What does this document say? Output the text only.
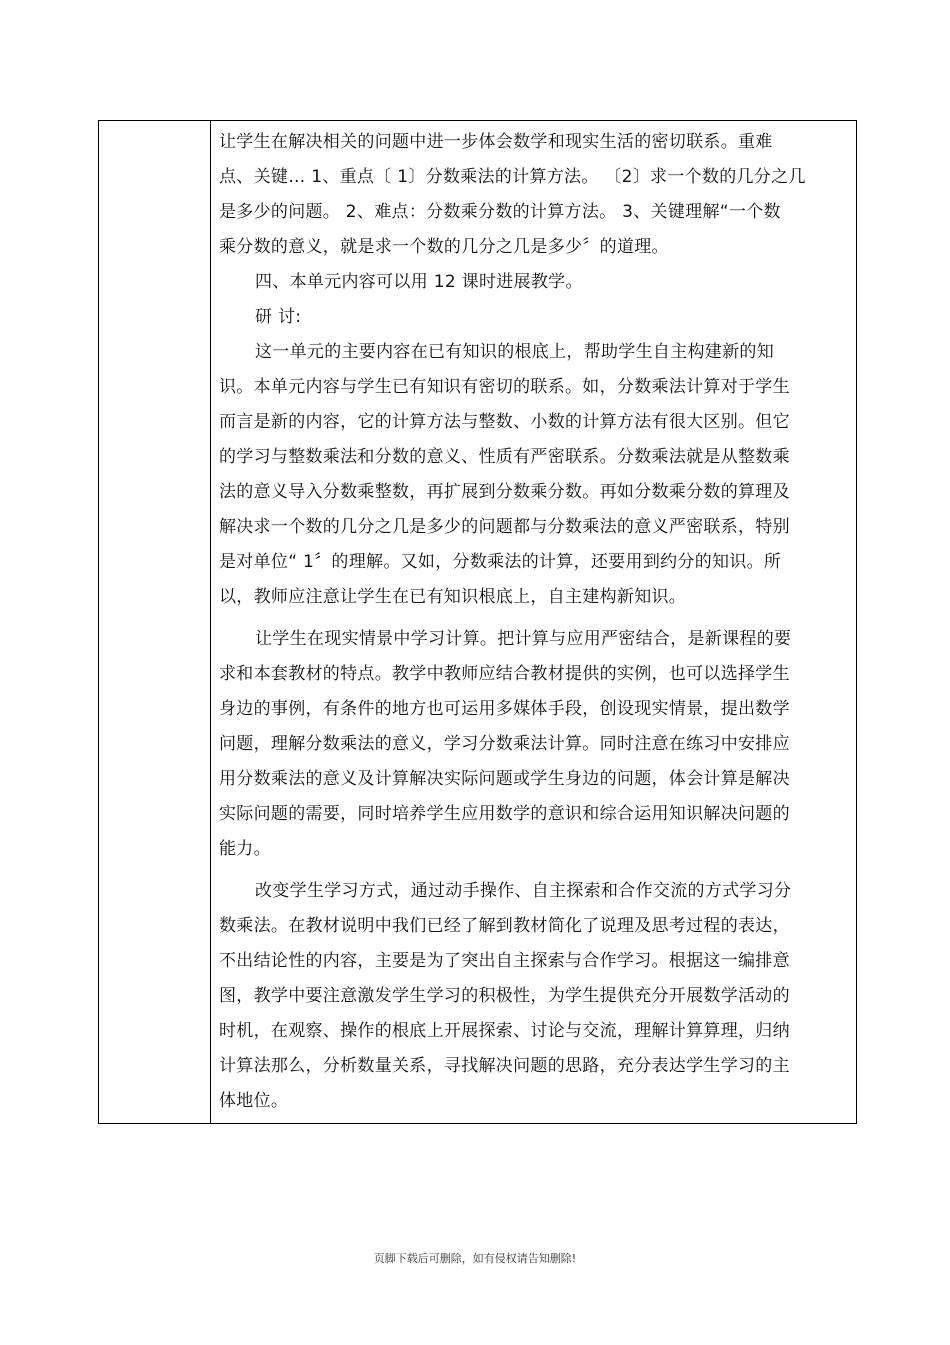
让学生在解决相关的问题中进一步体会数学和现实生活的密切联系。重难
点、关键… 1、重点〔 1〕分数乘法的计算方法。 〔2〕求一个数的几分之几
是多少的问题。 2、难点：分数乘分数的计算方法。 3、关键理解“一个数
乘分数的意义，就是求一个数的几分之几是多少〞的道理。
四、本单元内容可以用 12 课时进展教学。
研 讨:
这一单元的主要内容在已有知识的根底上，帮助学生自主构建新的知
识。本单元内容与学生已有知识有密切的联系。如，分数乘法计算对于学生
而言是新的内容，它的计算方法与整数、小数的计算方法有很大区别。但它
的学习与整数乘法和分数的意义、性质有严密联系。分数乘法就是从整数乘
法的意义导入分数乘整数，再扩展到分数乘分数。再如分数乘分数的算理及
解决求一个数的几分之几是多少的问题都与分数乘法的意义严密联系，特别
是对单位“ 1〞的理解。又如，分数乘法的计算，还要用到约分的知识。所
以，教师应注意让学生在已有知识根底上，自主建构新知识。
让学生在现实情景中学习计算。把计算与应用严密结合，是新课程的要
求和本套教材的特点。教学中教师应结合教材提供的实例，也可以选择学生
身边的事例，有条件的地方也可运用多媒体手段，创设现实情景，提出数学
问题，理解分数乘法的意义，学习分数乘法计算。同时注意在练习中安排应
用分数乘法的意义及计算解决实际问题或学生身边的问题，体会计算是解决
实际问题的需要，同时培养学生应用数学的意识和综合运用知识解决问题的
能力。
改变学生学习方式，通过动手操作、自主探索和合作交流的方式学习分
数乘法。在教材说明中我们已经了解到教材简化了说理及思考过程的表达，
不出结论性的内容，主要是为了突出自主探索与合作学习。根据这一编排意
图，教学中要注意激发学生学习的积极性，为学生提供充分开展数学活动的
时机，在观察、操作的根底上开展探索、讨论与交流，理解计算算理，归纳
计算法那么，分析数量关系，寻找解决问题的思路，充分表达学生学习的主
体地位。
页脚下载后可删除，如有侵权请告知删除!
